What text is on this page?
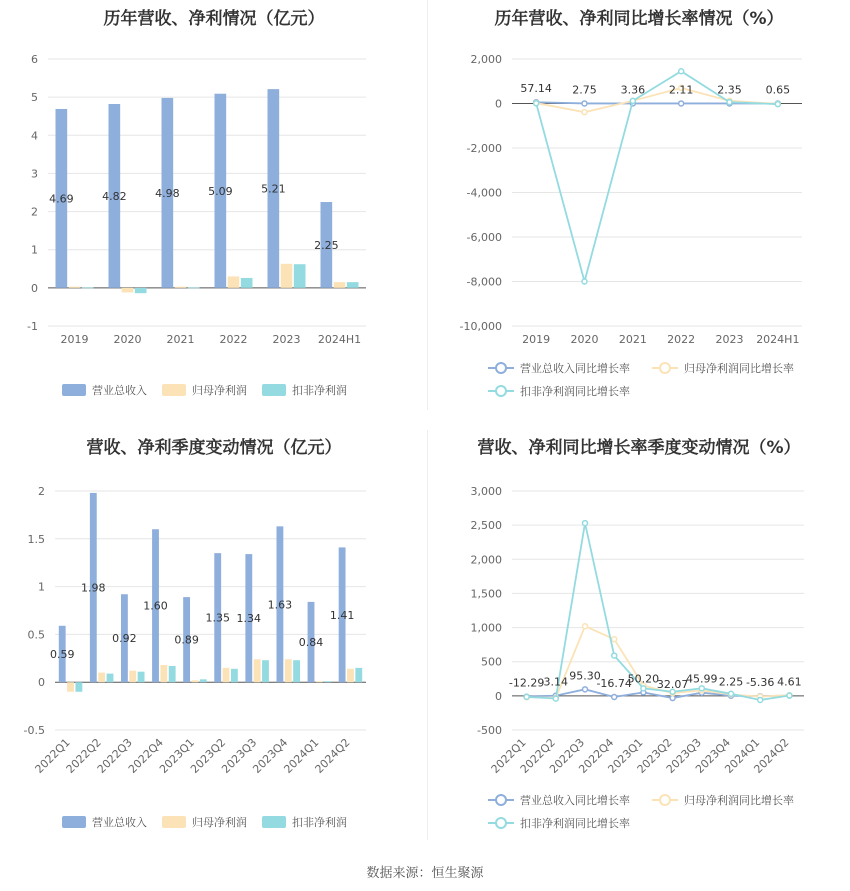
历年营收、净利情况（亿元）
-1
0
1
2
3
4
5
6
4.69	4.82	4.98	5.09	5.21
2.25
2019 2020 2021 2022 2023 2024H1
营业总收入	归母净利润	扣非净利润
历年营收、净利同比增长率情况（%）
-10,000
-8,000
-6,000
-4,000
-2,000
0
2,000
57.14 2.75 3.36 2.11 2.35 0.65
2019 2020 2021 2022 2023 2024H1
营业总收入同比增长率	归母净利润同比增长率
扣非净利润同比增长率
营收、净利季度变动情况（亿元）
-0.5
0
0.5
1
1.5
2
0.59
1.98
0.92
1.60
0.89
1.35 1.34
1.63
0.84
1.41
2022Q1
2022Q2
2022Q3
2022Q4
2023Q1
2023Q2
2023Q3
2023Q4
2024Q1
2024Q2
营业总收入	归母净利润	扣非净利润
营收、净利同比增长率季度变动情况（%）
-500
0
500
1,000
1,500
2,000
2,500
3,000
-12.29 3.14 95.30
-16.74
50.20
32.07
45.99 2.25 -5.36 4.61
2022Q1
2022Q2
2022Q3
2022Q4
2023Q1
2023Q2
2023Q3
2023Q4
2024Q1
2024Q2
营业总收入同比增长率	归母净利润同比增长率
扣非净利润同比增长率
数据来源：恒生聚源
